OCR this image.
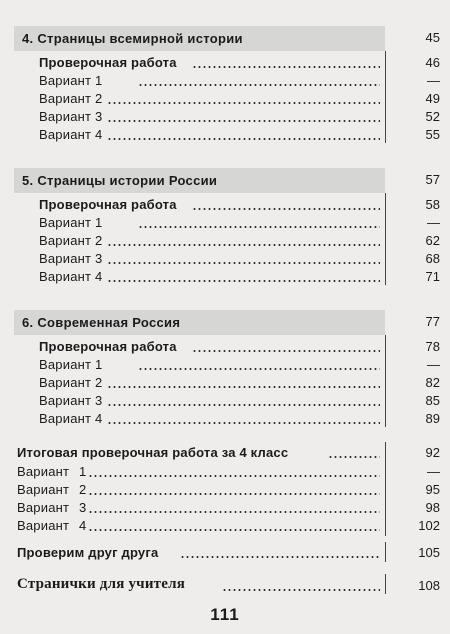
4. Страницы всемирной истории	45
Проверочная работа	46
Вариант 1	—
Вариант 2	49
Вариант 3	52
Вариант 4	55
5. Страницы истории России	57
Проверочная работа	58
Вариант 1	—
Вариант 2	62
Вариант 3	68
Вариант 4	71
6. Современная Россия	77
Проверочная работа	78
Вариант 1	—
Вариант 2	82
Вариант 3	85
Вариант 4	89
Итоговая проверочная работа за 4 класс	92
Вариант 1	—
Вариант 2	95
Вариант 3	98
Вариант 4	102
Проверим друг друга	105
Странички для учителя	108
111
